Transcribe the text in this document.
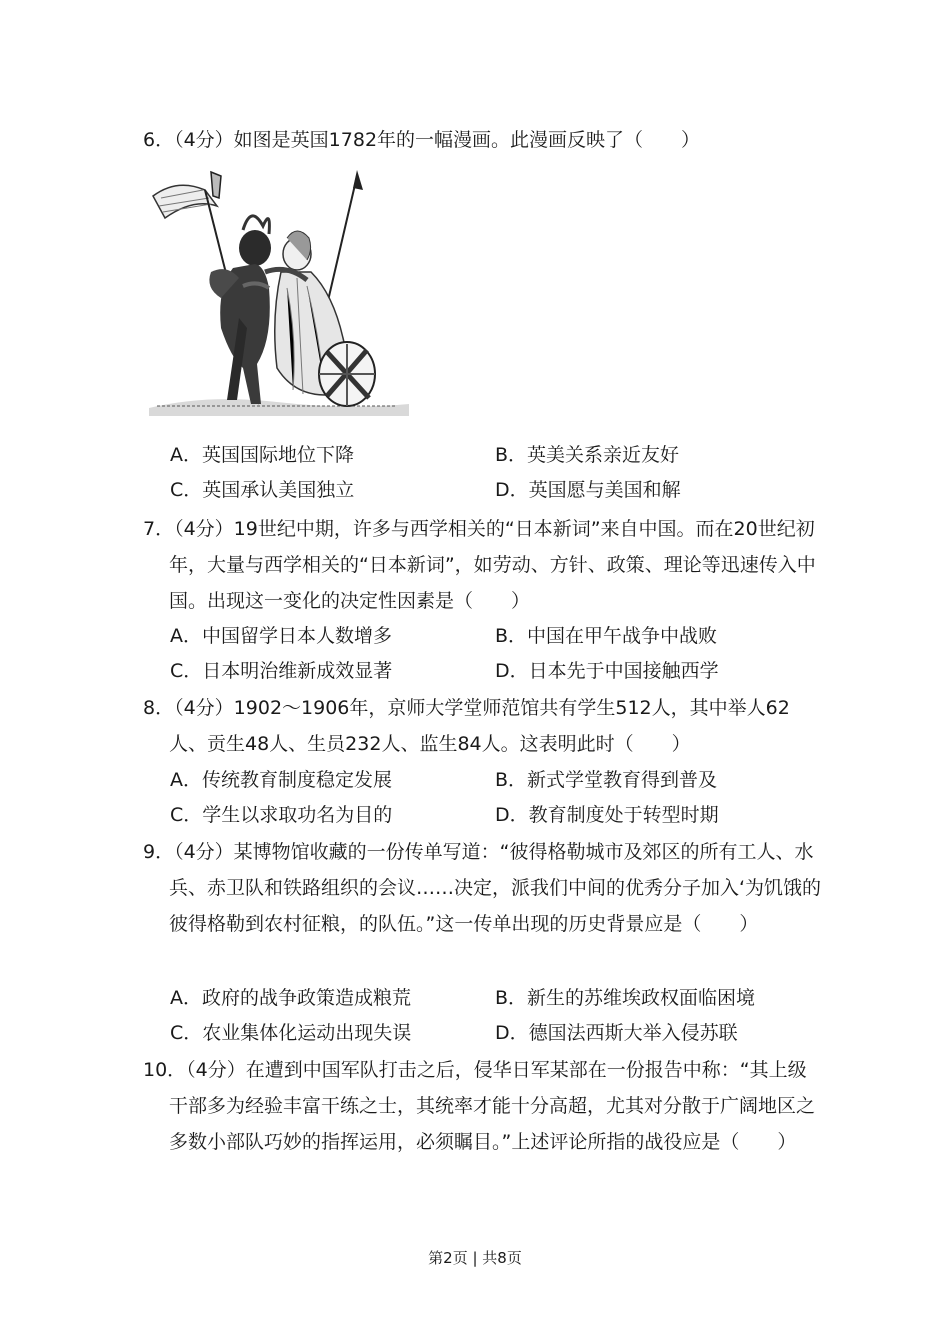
6．（4分）如图是英国1782年的一幅漫画。此漫画反映了（　　）
A．英国国际地位下降	B．英美关系亲近友好
C．英国承认美国独立	D．英国愿与美国和解
7．（4分）19世纪中期，许多与西学相关的“日本新词”来自中国。而在20世纪初年，大量与西学相关的“日本新词”，如劳动、方针、政策、理论等迅速传入中国。出现这一变化的决定性因素是（　　）
A．中国留学日本人数增多	B．中国在甲午战争中战败
C．日本明治维新成效显著	D．日本先于中国接触西学
8．（4分）1902～1906年，京师大学堂师范馆共有学生512人，其中举人62人、贡生48人、生员232人、监生84人。这表明此时（　　）
A．传统教育制度稳定发展	B．新式学堂教育得到普及
C．学生以求取功名为目的	D．教育制度处于转型时期
9．（4分）某博物馆收藏的一份传单写道：“彼得格勒城市及郊区的所有工人、水兵、赤卫队和铁路组织的会议……决定，派我们中间的优秀分子加入‘为饥饿的彼得格勒到农村征粮，的队伍。”这一传单出现的历史背景应是（　　）
A．政府的战争政策造成粮荒	B．新生的苏维埃政权面临困境
C．农业集体化运动出现失误	D．德国法西斯大举入侵苏联
10．（4分）在遭到中国军队打击之后，侵华日军某部在一份报告中称：“其上级干部多为经验丰富干练之士，其统率才能十分高超，尤其对分散于广阔地区之多数小部队巧妙的指挥运用，必须瞩目。”上述评论所指的战役应是（　　）
第2页 | 共8页
